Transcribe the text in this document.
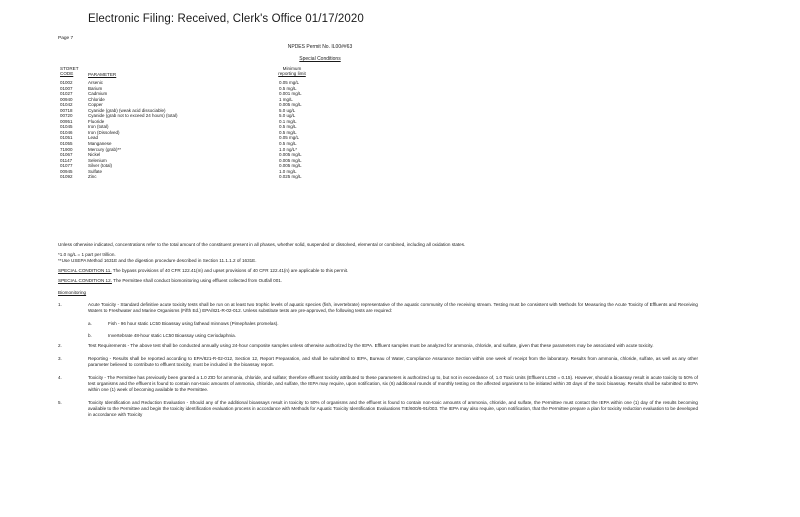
Electronic Filing: Received, Clerk's Office 01/17/2020
Page 7
NPDES Permit No. IL00##63
Special Conditions
STORET
CODE	PARAMETER
Minimum
reporting limit
01002	Arsenic	0.05 mg/L
01007	Barium	0.5 mg/L
01027	Cadmium	0.001 mg/L
00940	Chloride	1 mg/L
01042	Copper	0.005 mg/L
00718	Cyanide (grab) (weak acid dissociable)	5.0 ug/L
00720	Cyanide (grab not to exceed 24 hours) (total)	5.0 ug/L
00951	Fluoride	0.1 mg/L
01045	Iron (total)	0.5 mg/L
01046	Iron (Dissolved)	0.5 mg/L
01051	Lead	0.05 mg/L
01055	Manganese	0.5 mg/L
71900	Mercury (grab)**	1.0 ng/L*
01067	Nickel	0.005 mg/L
01147	Selenium	0.005 mg/L
01077	Silver (total)	0.005 mg/L
00945	Sulfate	1.0 mg/L
01092	Zinc	0.025 mg/L

Unless otherwise indicated, concentrations refer to the total amount of the constituent present in all phases, whether solid, suspended or dissolved, elemental or combined, including all oxidation states.

*1.0 ng/L = 1 part per trillion.

**Use USEPA Method 1631E and the digestion procedure described in Section 11.1.1.2 of 1631E.

SPECIAL CONDITION 11. The bypass provisions of 40 CFR 122.41(m) and upset provisions of 40 CFR 122.41(n) are applicable to this permit.

SPECIAL CONDITION 12. The Permittee shall conduct biomonitoring using effluent collected from Outfall 001.

Biomonitoring

1.	Acute Toxicity - Standard definitive acute toxicity tests shall be run on at least two trophic levels of aquatic species (fish, invertebrate) representative of the aquatic community of the receiving stream. Testing must be consistent with Methods for Measuring the Acute Toxicity of Effluents and Receiving Waters to Freshwater and Marine Organisms (Fifth Ed.) EPA/821-R-02-012. Unless substitute tests are pre-approved, the following tests are required:
a.	Fish - 96 hour static LC50 Bioassay using fathead minnows (Pimephales promelas).
b.	Invertebrate 48-hour static LC50 Bioassay using Ceriodaphnia.
2.	Test Requirements - The above test shall be conducted annually using 24-hour composite samples unless otherwise authorized by the IEPA. Effluent samples must be analyzed for ammonia, chloride, and sulfate, given that these parameters may be associated with acute toxicity.
3.	Reporting - Results shall be reported according to EPA/821-R-02-012, Section 12, Report Preparation, and shall be submitted to IEPA, Bureau of Water, Compliance Assurance Section within one week of receipt from the laboratory. Results from ammonia, chloride, sulfate, as well as any other parameter believed to contribute to effluent toxicity, must be included in the bioassay report.
4.	Toxicity - The Permittee has previously been granted a 1.0 ZID for ammonia, chloride, and sulfate; therefore effluent toxicity attributed to these parameters is authorized up to, but not in exceedance of, 1.0 Toxic Units (Effluent LC50 = 0.15). However, should a bioassay result in acute toxicity to 50% of test organisms and the effluent is found to contain non-toxic amounts of ammonia, chloride, and sulfate, the IEPA may require, upon notification, six (6) additional rounds of monthly testing on the affected organisms to be initiated within 30 days of the toxic bioassay. Results shall be submitted to IEPA within one (1) week of becoming available to the Permittee.
5.	Toxicity Identification and Reduction Evaluation - Should any of the additional bioassays result in toxicity to 50% of organisms and the effluent is found to contain non-toxic amounts of ammonia, chloride, and sulfate, the Permittee must contact the IEPA within one (1) day of the results becoming available to the Permittee and begin the toxicity identification evaluation process in accordance with Methods for Aquatic Toxicity Identification Evaluations TIE/600/6-91/003. The IEPA may also require, upon notification, that the Permittee prepare a plan for toxicity reduction evaluation to be developed in accordance with Toxicity
